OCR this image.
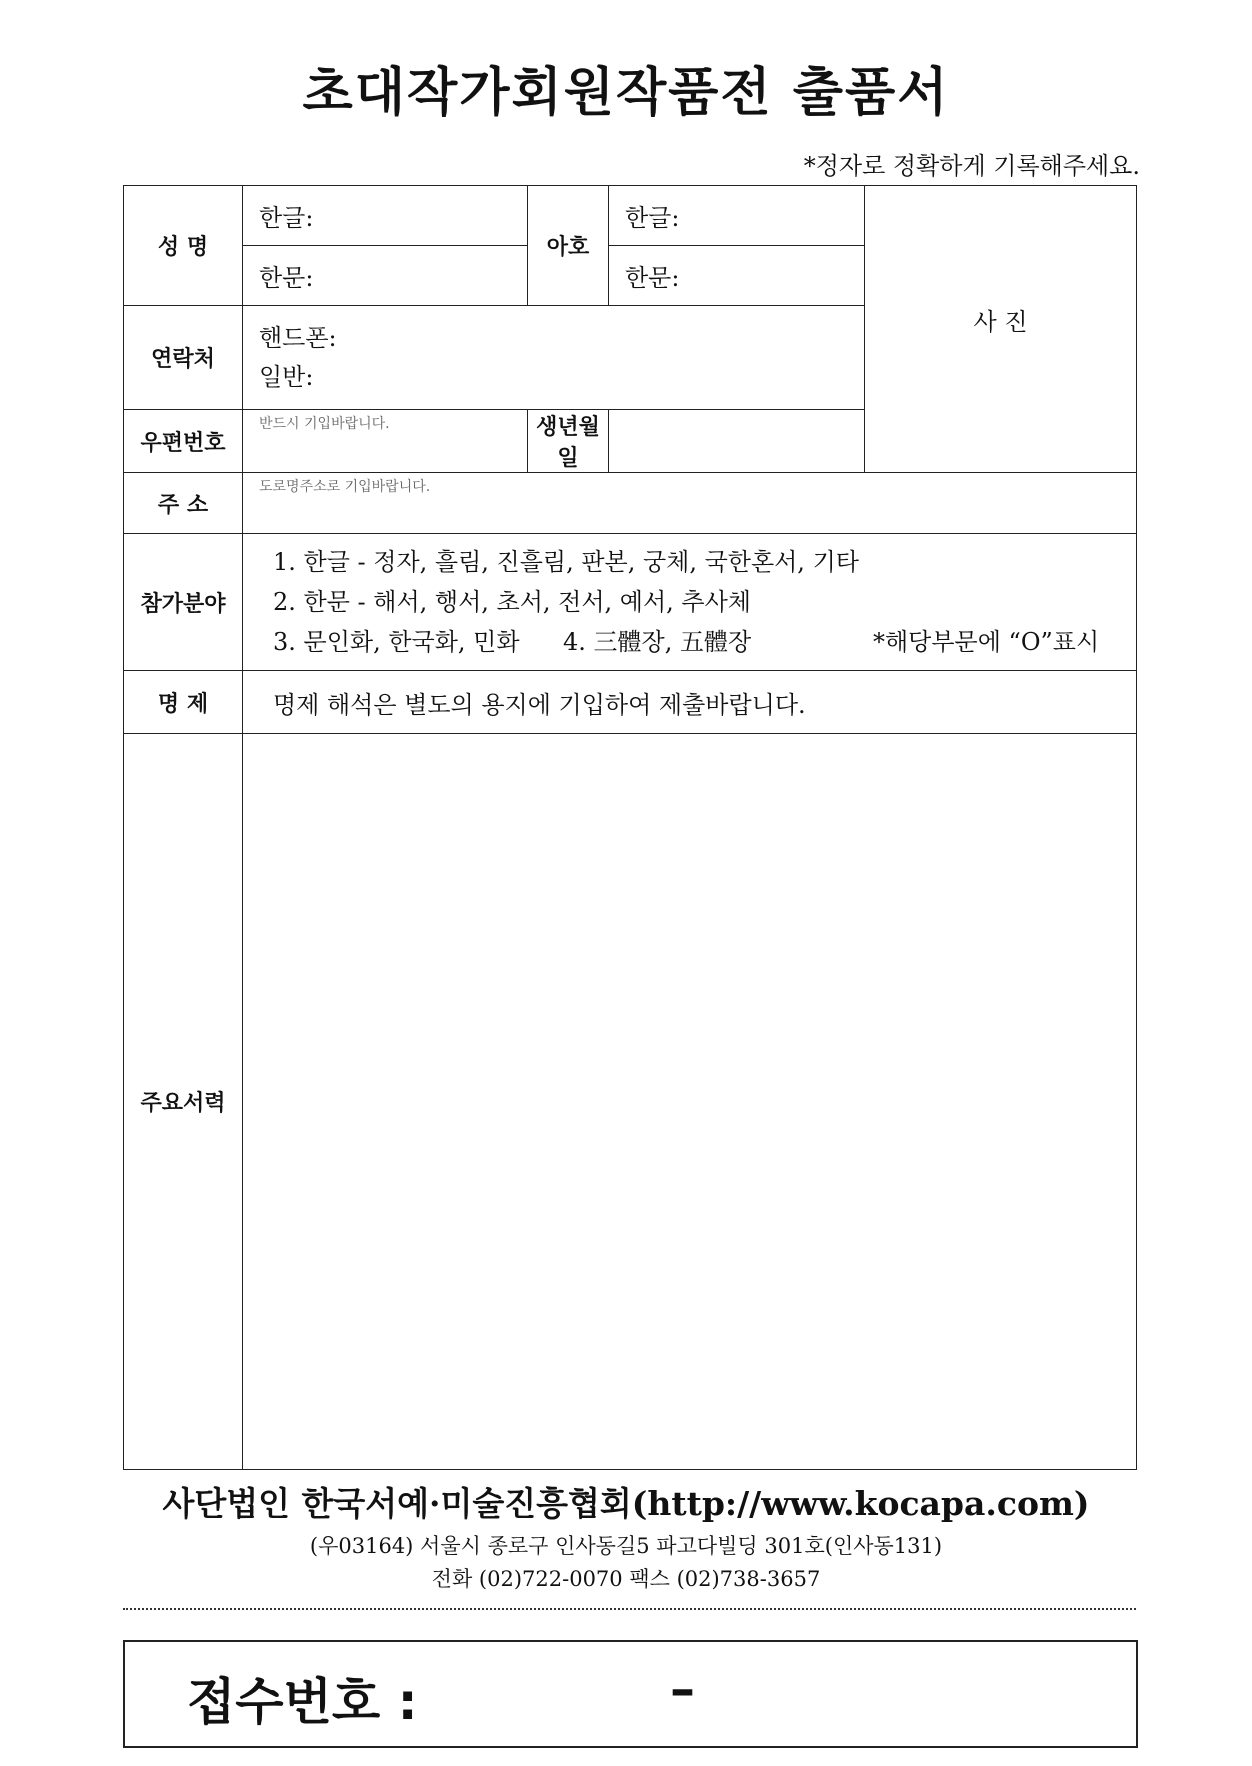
초대작가회원작품전 출품서
*정자로 정확하게 기록해주세요.
성 명	한글:	아호	한글:	사 진
	한문:		한문:	
연락처	핸드폰:
일반:			

우편번호	반드시 기입바랍니다.	생년월일		
주 소	도로명주소로 기입바랍니다.			
참가분야	1. 한글 - 정자, 흘림, 진흘림, 판본, 궁체, 국한혼서, 기타
2. 한문 - 해서, 행서, 초서, 전서, 예서, 추사체
3. 문인화, 한국화, 민화 4. 三體장, 五體장 *해당부문에 “O”표시			

명 제	명제 해석은 별도의 용지에 기입하여 제출바랍니다.			
주요서력				
사단법인 한국서예·미술진흥협회(http://www.kocapa.com)
(우03164) 서울시 종로구 인사동길5 파고다빌딩 301호(인사동131)
전화 (02)722-0070 팩스 (02)738-3657
접수번호 :	–
